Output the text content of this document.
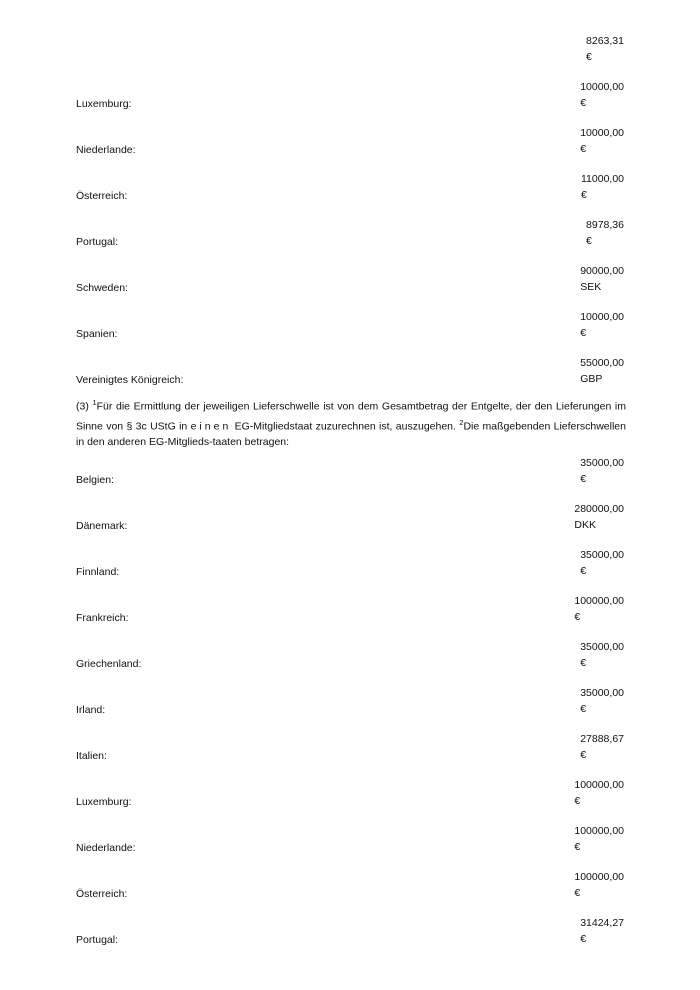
8263,31
€
Luxemburg:
10000,00
€
Niederlande:
10000,00
€
Österreich:
11000,00
€
Portugal:
8978,36
€
Schweden:
90000,00
SEK
Spanien:
10000,00
€
Vereinigtes Königreich:
55000,00
GBP
(3) $^1$Für die Ermittlung der jeweiligen Lieferschwelle ist von dem Gesamtbetrag der Entgelte, der den Lieferungen im Sinne von § 3c UStG in einen EG-Mitgliedstaat zuzurechnen ist, auszugehen. $^2$Die maßgebenden Lieferschwellen in den anderen EG-Mitglieds-taaten betragen:
Belgien:
35000,00
€
Dänemark:
280000,00
DKK
Finnland:
35000,00
€
Frankreich:
100000,00
€
Griechenland:
35000,00
€
Irland:
35000,00
€
Italien:
27888,67
€
Luxemburg:
100000,00
€
Niederlande:
100000,00
€
Österreich:
100000,00
€
Portugal:
31424,27
€
